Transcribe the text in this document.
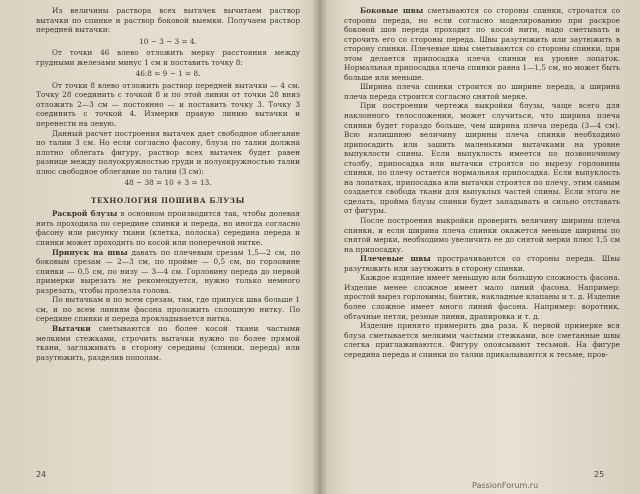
Из величины раствора всех вытачек вычитаем раствор вытачки по спинке и раствор боковой выемки. Получаем раствор передней вытачки:

10 − 3 − 3 = 4.

От точки 46 влево отложить мерку расстояния между грудными железами минус 1 см и поставить точку 8:

46:8 = 9 − 1 = 8.

От точки 8 влево отложить раствор передней вытачки — 4 см. Точку 28 соединить с точкой 8 и по этой линии от точки 28 вниз отложить 2—3 см — постоянно — и поставить точку 3. Точку 3 соединить с точкой 4. Измерив правую линию вытачки и перенести на левую.

Данный расчет построения вытачек дает свободное облегание по талии 3 см. Но если согласно фасону, блуза по талии должна плотно облегать фигуру, раствор всех вытачек будет равен разнице между полуокружностью груди и полуокружностью талии плюс свободное облегание по талии (3 см):

48 − 38 = 10 + 3 = 13.

ТЕХНОЛОГИЯ ПОШИВА БЛУЗЫ

Раскрой блузы в основном производится так, чтобы долевая нить проходила по середине спинки и переда, но иногда согласно фасону или рисунку ткани (клетка, полоска) середина переда и спинки может проходить по косой или поперечной нитке.

Припуск на швы давать по плечевым срезам 1,5—2 см, по боковым срезам — 2—3 см, по пройме — 0,5 см, по горловине спинки — 0,5 см, по низу — 3—4 см. Горловину переда до первой примерки вырезать не рекомендуется, нужно только немного разрезать, чтобы пролезла голова.

По вытачкам и по всем срезам, там, где припуск шва больше 1 см, и по всем линиям фасона проложить сплошную нитку. По середине спинки и переда прокладывается нитка.

Вытачки сметываются по более косой ткани частыми мелкими стежками, строчить вытачки нужно по более прямой ткани, заглаживать в сторону середины (спинки, переда) или разутюжить, разделив пополам.

24

Боковые швы сметываются со стороны спинки, строчатся со стороны переда, но если согласно моделированию при раскрое боковой шов переда проходит по косой нити, надо сметывать и строчить его со стороны переда. Швы разутюжить или заутюжить в сторону спинки. Плечевые швы сметываются со стороны спинки, при этом делается припосадка плеча спинки на уровне лопаток. Нормальная припосадка плеча спинки равна 1—1,5 см, но может быть больше или меньше.

Ширина плеча спинки строится по ширине переда, а ширина плеча переда строится согласно снятой мерке.

При построении чертежа выкройки блузы, чаще всего для наклонного телосложения, может случиться, что ширина плеча спинки будет гораздо больше, чем ширина плеча переда (3—4 см). Всю излишнюю величину ширины плеча спинки необходимо припосадить или зашить маленькими вытачками на уровне выпуклости спины. Если выпуклость имеется по позвоночному столбу, припосадка или вытачки строятся по вырезу горловины спинки, по плечу остается нормальная припосадка. Если выпуклость на лопатках, припосадка или вытачки строятся по плечу, этим самым создается свобода ткани для выпуклых частей спины. Если этого не сделать, пройма блузы спинки будет западывать и сильно отставать от фигуры.

После построения выкройки проверить величину ширины плеча спинки, и если ширина плеча спинки окажется меньше ширины по снятой мерки, необходимо увеличить ее до снятой мерки плюс 1,5 см на припосадку.

Плечевые швы прострачиваются со стороны переда. Швы разутюжить или заутюжить в сторону спинки.

Каждое изделие имеет меньшую или большую сложность фасона. Изделие менее сложное имеет мало линий фасона. Например: простой вырез горловины, бантик, накладные клапаны и т. д. Изделие более сложное имеет много линий фасона. Например: воротник, обтачные петли, резные линии, драпировка и т. д.

Изделие принято примерить два раза. К первой примерке вся блуза сметывается мелкими частыми стежками, все сметанные швы слегка приглаживаются. Фигуру опоясывают тесьмой. На фигуре середина переда и спинки по талии прикалываются к тесьме, пров-

25
PassionForum.ru
